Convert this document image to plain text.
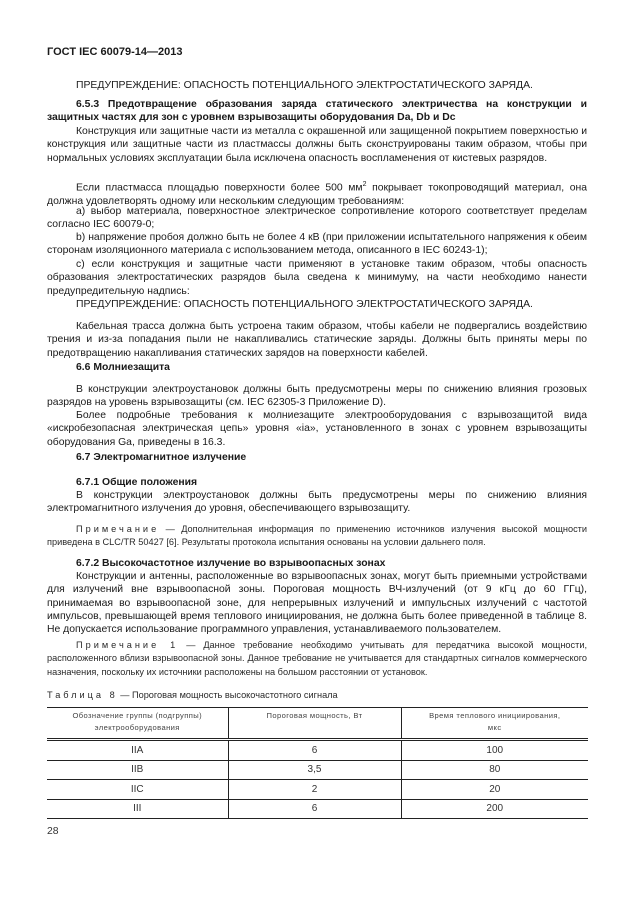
ГОСТ IEC 60079-14—2013
ПРЕДУПРЕЖДЕНИЕ: ОПАСНОСТЬ ПОТЕНЦИАЛЬНОГО ЭЛЕКТРОСТАТИЧЕСКОГО ЗАРЯДА.
6.5.3 Предотвращение образования заряда статического электричества на конструкции и защитных частях для зон с уровнем взрывозащиты оборудования Da, Db и Dc
Конструкция или защитные части из металла с окрашенной или защищенной покрытием поверхностью и конструкция или защитные части из пластмассы должны быть сконструированы таким образом, чтобы при нормальных условиях эксплуатации была исключена опасность воспламенения от кистевых разрядов.
Если пластмасса площадью поверхности более 500 $мм^2$ покрывает токопроводящий материал, она должна удовлетворять одному или нескольким следующим требованиям:
a) выбор материала, поверхностное электрическое сопротивление которого соответствует пределам согласно IEC 60079-0;
b) напряжение пробоя должно быть не более 4 кВ (при приложении испытательного напряжения к обеим сторонам изоляционного материала с использованием метода, описанного в IEC 60243-1);
c) если конструкция и защитные части применяют в установке таким образом, чтобы опасность образования электростатических разрядов была сведена к минимуму, на части необходимо нанести предупредительную надпись:
ПРЕДУПРЕЖДЕНИЕ: ОПАСНОСТЬ ПОТЕНЦИАЛЬНОГО ЭЛЕКТРОСТАТИЧЕСКОГО ЗАРЯДА.
Кабельная трасса должна быть устроена таким образом, чтобы кабели не подвергались воздействию трения и из-за попадания пыли не накапливались статические заряды. Должны быть приняты меры по предотвращению накапливания статических зарядов на поверхности кабелей.
6.6 Молниезащита
В конструкции электроустановок должны быть предусмотрены меры по снижению влияния грозовых разрядов на уровень взрывозащиты (см. IEC 62305-3 Приложение D).
Более подробные требования к молниезащите электрооборудования с взрывозащитой вида «искробезопасная электрическая цепь» уровня «ia», установленного в зонах с уровнем взрывозащиты оборудования Ga, приведены в 16.3.
6.7 Электромагнитное излучение
6.7.1 Общие положения
В конструкции электроустановок должны быть предусмотрены меры по снижению влияния электромагнитного излучения до уровня, обеспечивающего взрывозащиту.
Примечание — Дополнительная информация по применению источников излучения высокой мощности приведена в CLC/TR 50427 [6]. Результаты протокола испытания основаны на условии дальнего поля.
6.7.2 Высокочастотное излучение во взрывоопасных зонах
Конструкции и антенны, расположенные во взрывоопасных зонах, могут быть приемными устройствами для излучений вне взрывоопасной зоны. Пороговая мощность ВЧ-излучений (от 9 кГц до 60 ГГц), принимаемая во взрывоопасной зоне, для непрерывных излучений и импульсных излучений с частотой импульсов, превышающей время теплового инициирования, не должна быть более приведенной в таблице 8. Не допускается использование программного управления, устанавливаемого пользователем.
Примечание 1 — Данное требование необходимо учитывать для передатчика высокой мощности, расположенного вблизи взрывоопасной зоны. Данное требование не учитывается для стандартных сигналов коммерческого назначения, поскольку их источники расположены на большом расстоянии от установок.
Таблица 8 — Пороговая мощность высокочастотного сигнала
Обозначение группы (подгруппы) электрооборудования	Пороговая мощность, Вт	Время теплового инициирования, мкс
IIA	6	100
IIB	3,5	80
IIC	2	20
III	6	200
28
